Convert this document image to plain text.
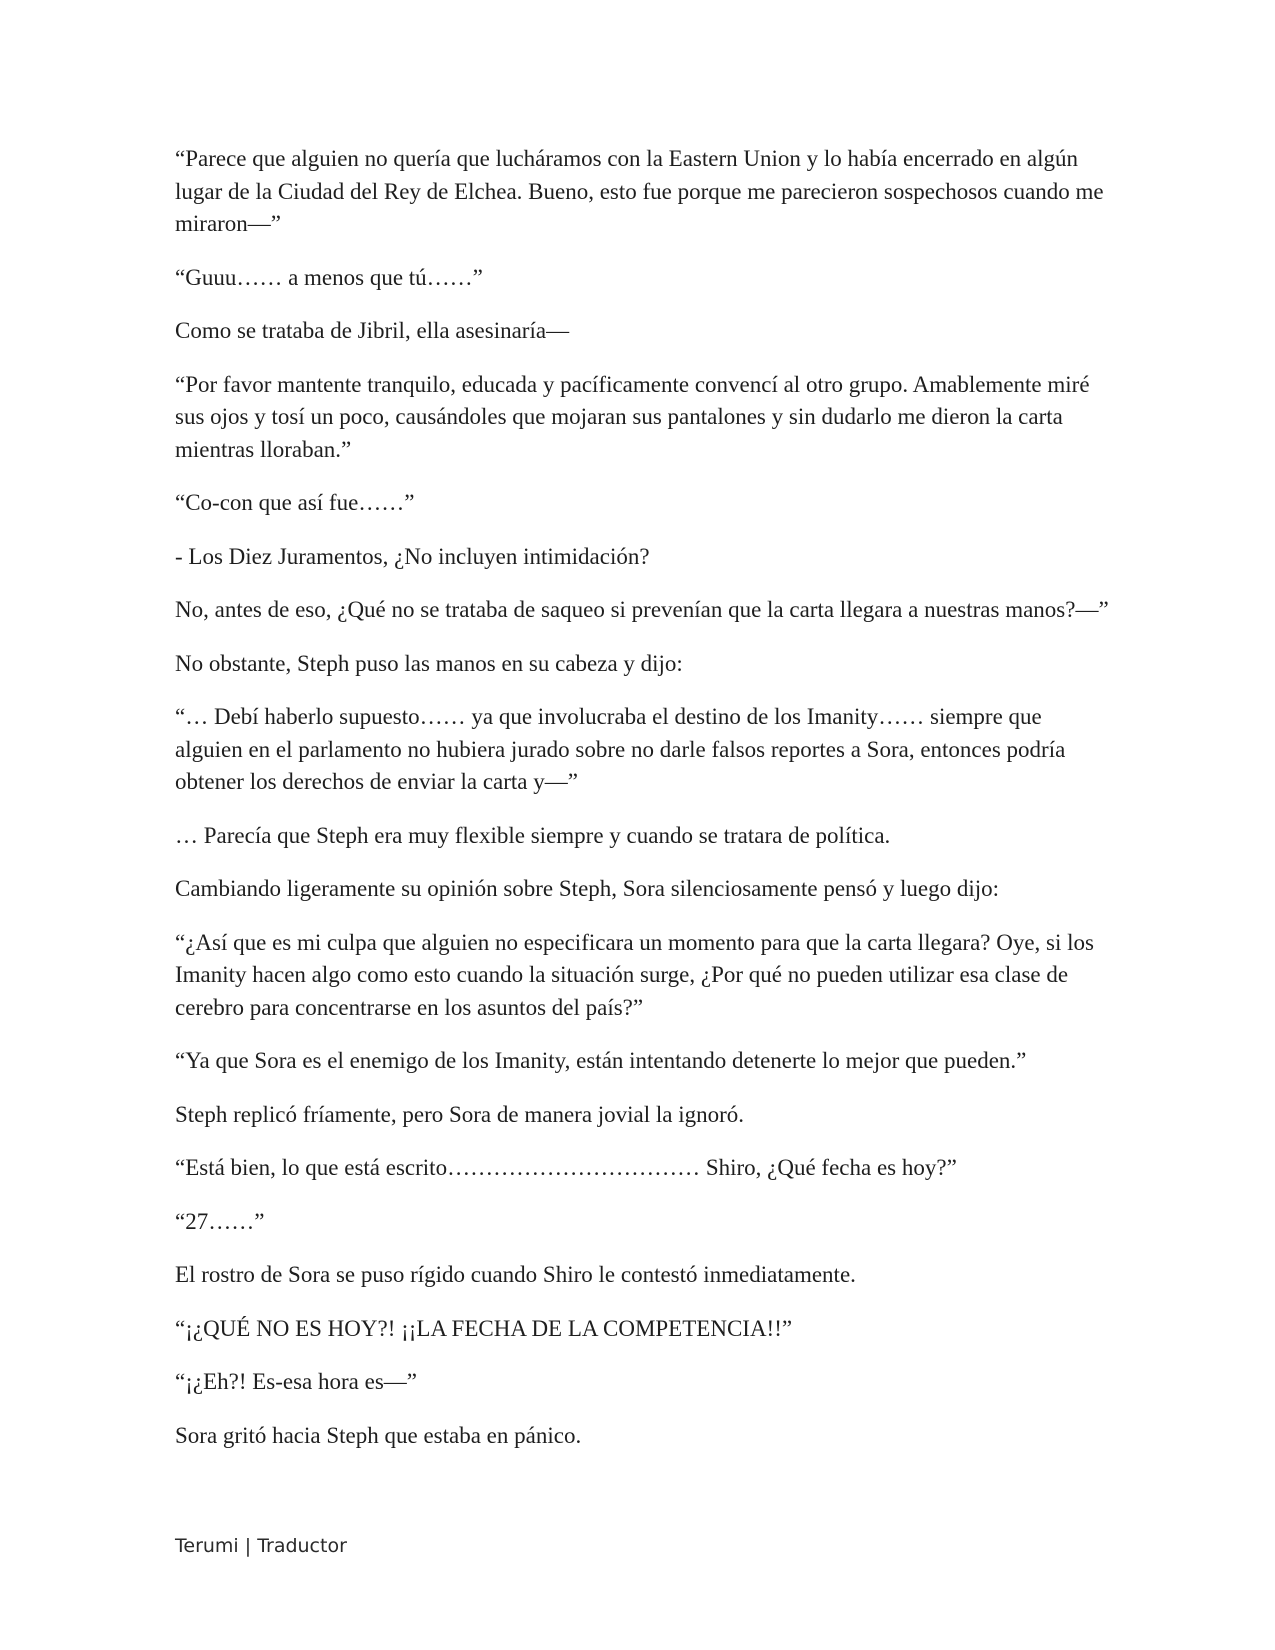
“Parece que alguien no quería que lucháramos con la Eastern Union y lo había encerrado en algún lugar de la Ciudad del Rey de Elchea. Bueno, esto fue porque me parecieron sospechosos cuando me miraron—”

“Guuu…… a menos que tú……”

Como se trataba de Jibril, ella asesinaría—

“Por favor mantente tranquilo, educada y pacíficamente convencí al otro grupo. Amablemente miré sus ojos y tosí un poco, causándoles que mojaran sus pantalones y sin dudarlo me dieron la carta mientras lloraban.”

“Co-con que así fue……”

- Los Diez Juramentos, ¿No incluyen intimidación?

No, antes de eso, ¿Qué no se trataba de saqueo si prevenían que la carta llegara a nuestras manos?—”

No obstante, Steph puso las manos en su cabeza y dijo:

“… Debí haberlo supuesto…… ya que involucraba el destino de los Imanity…… siempre que alguien en el parlamento no hubiera jurado sobre no darle falsos reportes a Sora, entonces podría obtener los derechos de enviar la carta y—”

… Parecía que Steph era muy flexible siempre y cuando se tratara de política.

Cambiando ligeramente su opinión sobre Steph, Sora silenciosamente pensó y luego dijo:

“¿Así que es mi culpa que alguien no especificara un momento para que la carta llegara? Oye, si los Imanity hacen algo como esto cuando la situación surge, ¿Por qué no pueden utilizar esa clase de cerebro para concentrarse en los asuntos del país?”

“Ya que Sora es el enemigo de los Imanity, están intentando detenerte lo mejor que pueden.”

Steph replicó fríamente, pero Sora de manera jovial la ignoró.

“Está bien, lo que está escrito…………………………… Shiro, ¿Qué fecha es hoy?”

“27……”

El rostro de Sora se puso rígido cuando Shiro le contestó inmediatamente.

“¡¿QUÉ NO ES HOY?! ¡¡LA FECHA DE LA COMPETENCIA!!”

“¡¿Eh?! Es-esa hora es—”

Sora gritó hacia Steph que estaba en pánico.

Terumi | Traductor
